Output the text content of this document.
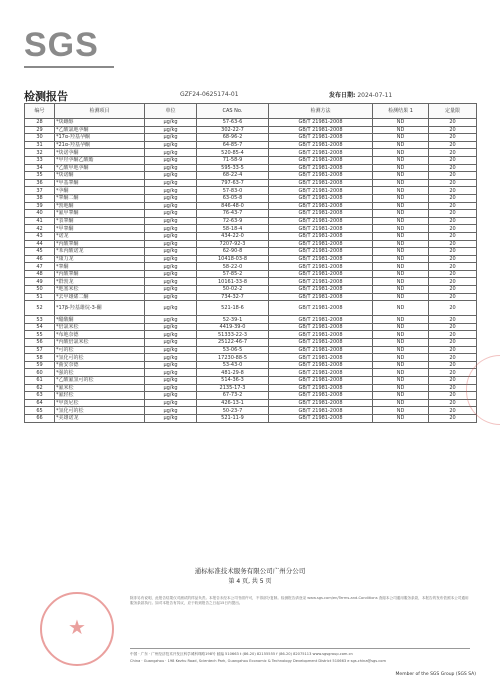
SGS
检测报告	GZF24-0625174-01	发布日期: 2024-07-11
编号	检测项目	单位	CAS No.	检测方法	检测结果 1	定量限
28	*炔雌醇	μg/kg	57-63-6	GB/T 21981-2008	ND	20
29	*乙酸氯地孕酮	μg/kg	302-22-7	GB/T 21981-2008	ND	20
30	*17α-羟基孕酮	μg/kg	68-96-2	GB/T 21981-2008	ND	20
31	*21α-羟基孕酮	μg/kg	64-85-7	GB/T 21981-2008	ND	20
32	*炔诺孕酮	μg/kg	520-85-4	GB/T 21981-2008	ND	20
33	*甲羟孕酮乙酸酯	μg/kg	71-58-9	GB/T 21981-2008	ND	20
34	*乙酸甲地孕酮	μg/kg	595-33-5	GB/T 21981-2008	ND	20
35	*炔诺酮	μg/kg	68-22-4	GB/T 21981-2008	ND	20
36	*甲基睾酮	μg/kg	797-63-7	GB/T 21981-2008	ND	20
37	*孕酮	μg/kg	57-83-0	GB/T 21981-2008	ND	20
38	*睾酮二酮	μg/kg	63-05-8	GB/T 21981-2008	ND	20
39	*勃地酮	μg/kg	846-48-0	GB/T 21981-2008	ND	20
40	*氟甲睾酮	μg/kg	76-43-7	GB/T 21981-2008	ND	20
41	*表睾酮	μg/kg	72-63-9	GB/T 21981-2008	ND	20
42	*甲睾酮	μg/kg	58-18-4	GB/T 21981-2008	ND	20
43	*诺龙	μg/kg	434-22-0	GB/T 21981-2008	ND	20
44	*丙酸睾酮	μg/kg	7207-92-3	GB/T 21981-2008	ND	20
45	*苯丙酸诺龙	μg/kg	62-90-8	GB/T 21981-2008	ND	20
46	*康力龙	μg/kg	10418-03-8	GB/T 21981-2008	ND	20
47	*睾酮	μg/kg	58-22-0	GB/T 21981-2008	ND	20
48	*丙酸睾酮	μg/kg	57-85-2	GB/T 21981-2008	ND	20
49	*群勃龙	μg/kg	10161-33-8	GB/T 21981-2008	ND	20
50	*地塞米松	μg/kg	50-02-2	GB/T 21981-2008	ND	20
51	*去甲雄烯二酮	μg/kg	734-32-7	GB/T 21981-2008	ND	20
52	*17β-羟基雄烷-3-酮	μg/kg	521-18-6	GB/T 21981-2008	ND	20
53	*醋酸酮	μg/kg	52-39-1	GB/T 21981-2008	ND	20
54	*倍氯米松	μg/kg	4419-39-0	GB/T 21981-2008	ND	20
55	*布地奈德	μg/kg	51333-22-3	GB/T 21981-2008	ND	20
56	*丙酸倍氯米松	μg/kg	25122-46-7	GB/T 21981-2008	ND	20
57	*可的松	μg/kg	53-06-5	GB/T 21981-2008	ND	20
58	*氢化可的松	μg/kg	17230-88-5	GB/T 21981-2008	ND	20
59	*曲安奈德	μg/kg	53-43-0	GB/T 21981-2008	ND	20
60	*强的松	μg/kg	481-29-8	GB/T 21981-2008	ND	20
61	*乙酸氟氢可的松	μg/kg	514-36-3	GB/T 21981-2008	ND	20
62	*氟米松	μg/kg	2135-17-3	GB/T 21981-2008	ND	20
63	*氟轻松	μg/kg	67-73-2	GB/T 21981-2008	ND	20
64	*甲泼尼松	μg/kg	426-13-1	GB/T 21981-2008	ND	20
65	*氢化可的松	μg/kg	50-23-7	GB/T 21981-2008	ND	20
66	*美雄诺龙	μg/kg	521-11-9	GB/T 21981-2008	ND	20
通标标准技术服务有限公司广州分公司
第 4 页, 共 5 页
★
除非另有说明，此报告结果仅对测试的样品负责。本报告未经本公司书面许可，不得部分复制。检测报告请登录 www.sgs.com/en/Terms-and-Conditions 查阅本公司通用服务条款，本报告的发布依照本公司通用服务条款执行。如对本报告有异议，应于收到报告之日起15日内提出。
中国 · 广东 · 广州经济技术开发区科学城科珠路198号 邮编 510663 t (86-20) 82155555 f (86-20) 82075113 www.sgsgroup.com.cn
China · Guangzhou · 198 Kezhu Road, Scientech Park, Guangzhou Economic & Technology Development District 510663 e sgs.china@sgs.com
Member of the SGS Group (SGS SA)
